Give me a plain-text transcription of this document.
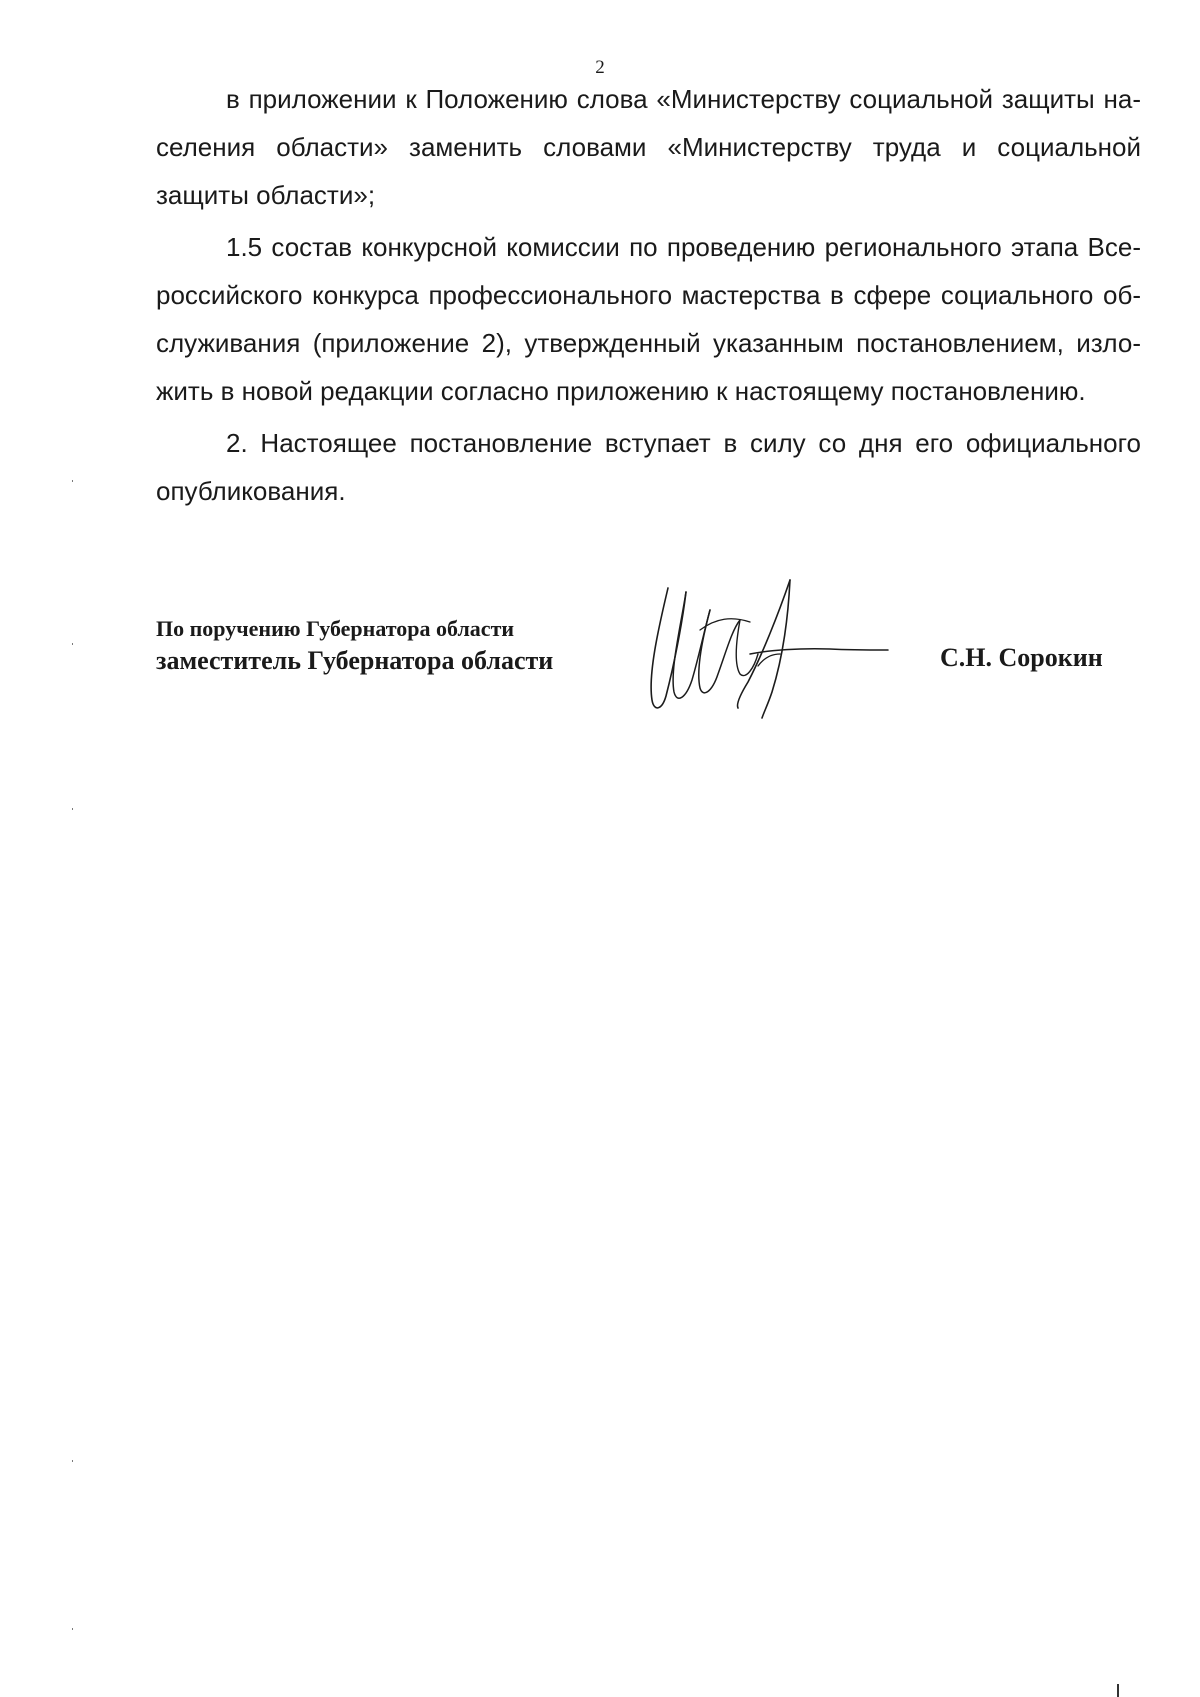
2

в приложении к Положению слова «Министерству социальной защиты на-селения области» заменить словами «Министерству труда и социальной защиты области»;

1.5 состав конкурсной комиссии по проведению регионального этапа Все-российского конкурса профессионального мастерства в сфере социального об-служивания (приложение 2), утвержденный указанным постановлением, изло-жить в новой редакции согласно приложению к настоящему постановлению.

2. Настоящее постановление вступает в силу со дня его официального опубликования.

По поручению Губернатора области
заместитель Губернатора области	С.Н. Сорокин
